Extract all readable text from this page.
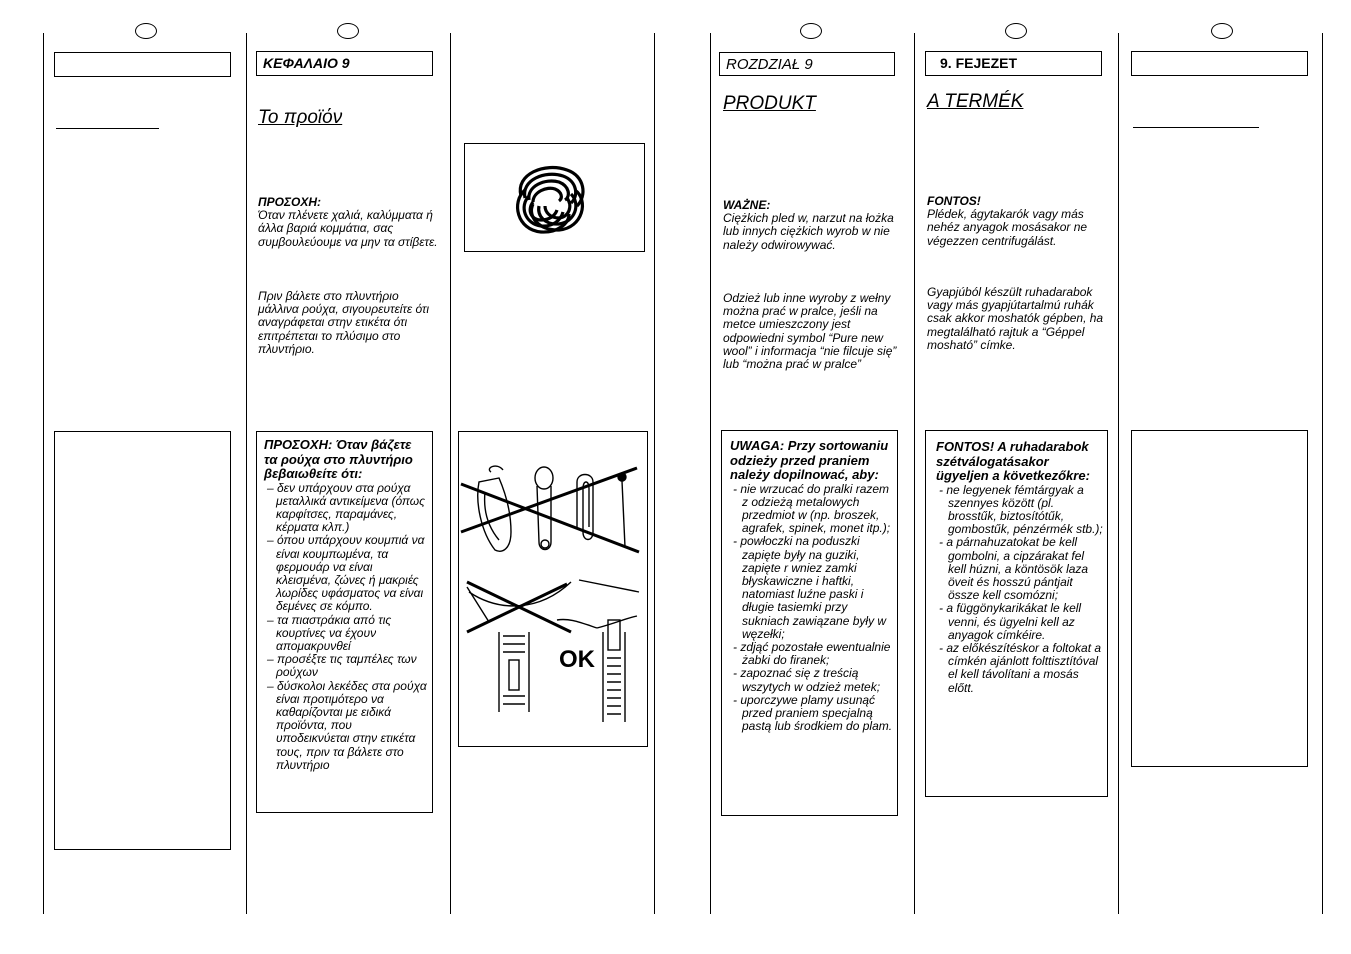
ΚΕΦΑΛΑΙΟ 9
Το προϊόν
ΠΡΟΣΟΧΗ:
Όταν πλένετε χαλιά, καλύμματα ή άλλα βαριά κομμάτια, σας συμβουλεύουμε να μην τα στίβετε.
Πριν βάλετε στο πλυντήριο μάλλινα ρούχα, σιγουρευτείτε ότι αναγράφεται στην ετικέτα ότι επιτρέπεται το πλύσιμο στο πλυντήριο.
ΠΡΟΣΟΧΗ: Όταν βάζετε τα ρούχα στο πλυντήριο βεβαιωθείτε ότι:
– δεν υπάρχουν στα ρούχα μεταλλικά αντικείμενα (όπως καρφίτσες, παραμάνες, κέρματα κλπ.)
– όπου υπάρχουν κουμπιά να είναι κουμπωμένα, τα φερμουάρ να είναι κλεισμένα, ζώνες ή μακριές λωρίδες υφάσματος να είναι δεμένες σε κόμπο.
– τα πιαστράκια από τις κουρτίνες να έχουν απομακρυνθεί
– προσέξτε τις ταμπέλες των ρούχων
– δύσκολοι λεκέδες στα ρούχα είναι προτιμότερο να καθαρίζονται με ειδικά προϊόντα, που υποδεικνύεται στην ετικέτα τους, πριν τα βάλετε στο πλυντήριο
OK
ROZDZIAŁ 9
PRODUKT
WAŻNE:
Ciężkich pled w, narzut na łożka lub innych ciężkich wyrob w nie należy odwirowywać.
Odzież lub inne wyroby z wełny można prać w pralce, jeśli na metce umieszczony jest odpowiedni symbol “Pure new wool” i informacja “nie filcuje się” lub “można prać w pralce”
UWAGA: Przy sortowaniu odzieży przed praniem należy dopilnować, aby:
- nie wrzucać do pralki razem z odzieżą metalowych przedmiot w (np. broszek, agrafek, spinek, monet itp.);
- powłoczki na poduszki zapięte były na guziki, zapięte r wniez zamki błyskawiczne i haftki, natomiast luźne paski i długie tasiemki przy sukniach zawiązane były w węzełki;
- zdjąć pozostałe ewentualnie żabki do firanek;
- zapoznać się z treścią wszytych w odzież metek;
- uporczywe plamy usunąć przed praniem specjalną pastą lub środkiem do plam.
9. FEJEZET
A TERMÉK
FONTOS!
Plédek, ágytakarók vagy más nehéz anyagok mosásakor ne végezzen centrifugálást.
Gyapjúból készült ruhadarabok vagy más gyapjútartalmú ruhák csak akkor moshatók gépben, ha megtalálható rajtuk a “Géppel mosható” címke.
FONTOS! A ruhadarabok szétválogatásakor ügyeljen a következőkre:
- ne legyenek fémtárgyak a szennyes között (pl. brosstűk, biztosítótűk, gombostűk, pénzérmék stb.);
- a párnahuzatokat be kell gombolni, a cipzárakat fel kell húzni, a köntösök laza öveit és hosszú pántjait össze kell csomózni;
- a függönykarikákat le kell venni, és ügyelni kell az anyagok címkéire.
- az előkészítéskor a foltokat a címkén ajánlott folttisztítóval el kell távolítani a mosás előtt.
